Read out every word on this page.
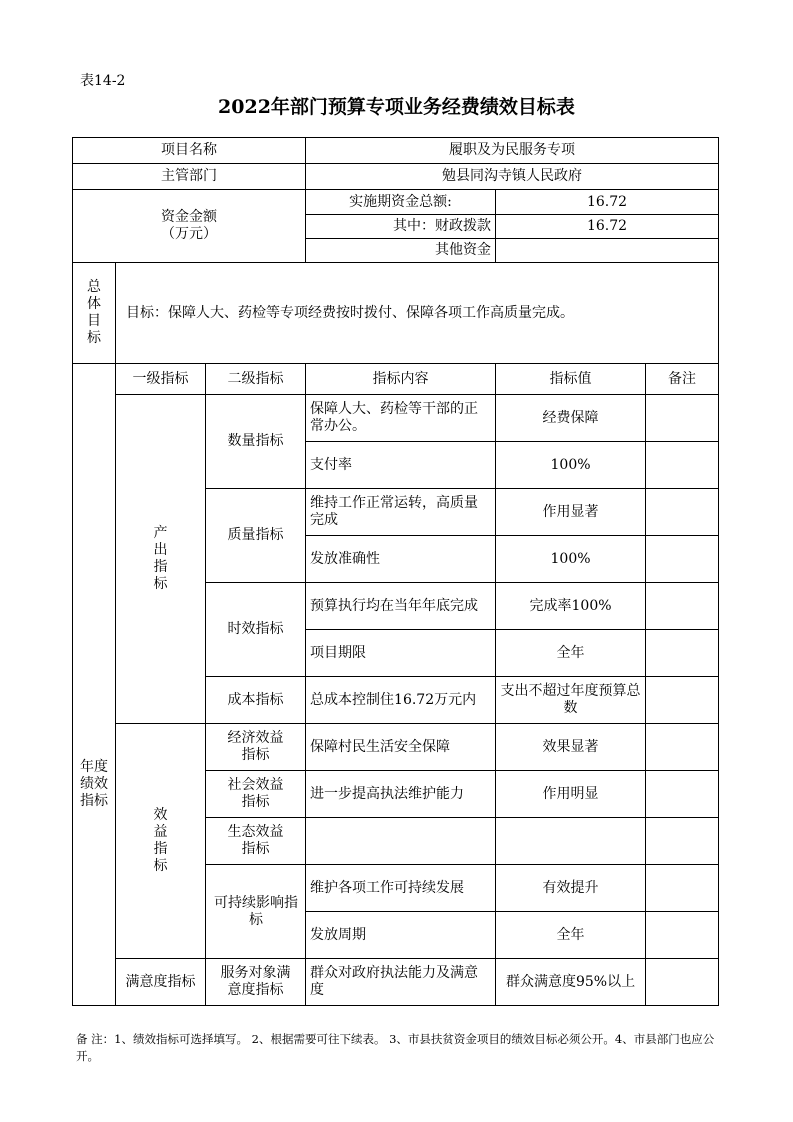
表14-2
2022年部门预算专项业务经费绩效目标表
项目名称			履职及为民服务专项		
主管部门			勉县同沟寺镇人民政府		

资金金额
（万元）			实施期资金总额:	16.72	
			其中：财政拨款	16.72	
			其他资金		

总体目标	目标：保障人大、药检等专项经费按时拨付、保障各项工作高质量完成。				

年度绩效指标	一级指标	二级指标	指标内容	指标值	备注

	产出指标	数量指标	保障人大、药检等干部的正常办公。	经费保障	
			支付率	100%	
		质量指标	维持工作正常运转，高质量 完成	作用显著	
			发放准确性	100%	
		时效指标	预算执行均在当年年底完成	完成率100%	
			项目期限	全年	
		成本指标	总成本控制住16.72万元内	支出不超过年度预算总数	

	效益指标	经济效益指标	保障村民生活安全保障	效果显著	

		社会效益指标	进一步提高执法维护能力	作用明显	

		生态效益指标			

		可持续影响指标	维护各项工作可持续发展	有效提升	
			发放周期	全年	
	满意度指标	服务对象满意度指标	群众对政府执法能力及满意度	群众满意度95%以上	
备 注：1、绩效指标可选择填写。 2、根据需要可往下续表。 3、市县扶贫资金项目的绩效目标必须公开。4、市县部门也应公开。
